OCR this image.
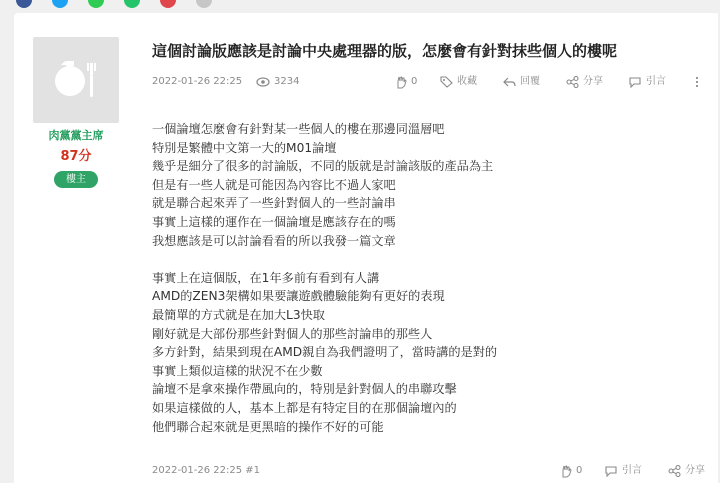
肉黨黨主席
87分
樓主
這個討論版應該是討論中央處理器的版，怎麼會有針對抹些個人的樓呢
2022-01-26 22:25	3234	0	收藏	回覆	分享	引言
一個論壇怎麼會有針對某一些個人的樓在那邊同溫層吧
特別是繁體中文第一大的M01論壇
幾乎是細分了很多的討論版，不同的版就是討論該版的產品為主
但是有一些人就是可能因為內容比不過人家吧
就是聯合起來弄了一些針對個人的一些討論串
事實上這樣的運作在一個論壇是應該存在的嗎
我想應該是可以討論看看的所以我發一篇文章

事實上在這個版，在1年多前有看到有人講
AMD的ZEN3架構如果要讓遊戲體驗能夠有更好的表現
最簡單的方式就是在加大L3快取
剛好就是大部份那些針對個人的那些討論串的那些人
多方針對，結果到現在AMD親自為我們證明了，當時講的是對的
事實上類似這樣的狀況不在少數
論壇不是拿來操作帶風向的，特別是針對個人的串聯攻擊
如果這樣做的人，基本上都是有特定目的在那個論壇內的
他們聯合起來就是更黑暗的操作不好的可能
2022-01-26 22:25 #1	0	引言	分享
